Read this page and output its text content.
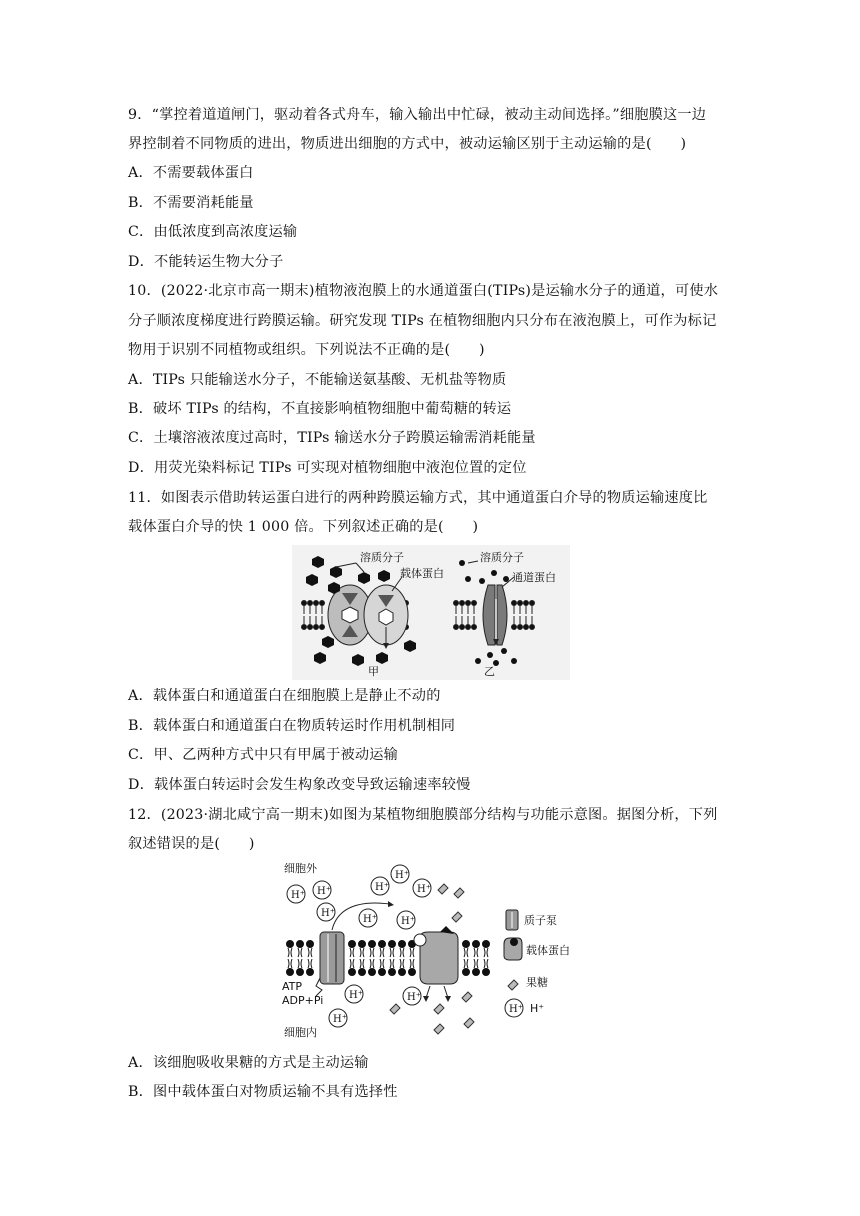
9．“掌控着道道闸门，驱动着各式舟车，输入输出中忙碌，被动主动间选择。”细胞膜这一边
界控制着不同物质的进出，物质进出细胞的方式中，被动运输区别于主动运输的是(　　)
A．不需要载体蛋白
B．不需要消耗能量
C．由低浓度到高浓度运输
D．不能转运生物大分子
10．(2022·北京市高一期末)植物液泡膜上的水通道蛋白(TIPs)是运输水分子的通道，可使水
分子顺浓度梯度进行跨膜运输。研究发现 TIPs 在植物细胞内只分布在液泡膜上，可作为标记
物用于识别不同植物或组织。下列说法不正确的是(　　)
A．TIPs 只能输送水分子，不能输送氨基酸、无机盐等物质
B．破坏 TIPs 的结构，不直接影响植物细胞中葡萄糖的转运
C．土壤溶液浓度过高时，TIPs 输送水分子跨膜运输需消耗能量
D．用荧光染料标记 TIPs 可实现对植物细胞中液泡位置的定位
11．如图表示借助转运蛋白进行的两种跨膜运输方式，其中通道蛋白介导的物质运输速度比
载体蛋白介导的快 1 000 倍。下列叙述正确的是(　　)
溶质分子
载体蛋白
甲
溶质分子
通道蛋白
乙
A．载体蛋白和通道蛋白在细胞膜上是静止不动的
B．载体蛋白和通道蛋白在物质转运时作用机制相同
C．甲、乙两种方式中只有甲属于被动运输
D．载体蛋白转运时会发生构象改变导致运输速率较慢
12．(2023·湖北咸宁高一期末)如图为某植物细胞膜部分结构与功能示意图。据图分析，下列
叙述错误的是(　　)
细胞外
细胞内
ATP
ADP+Pi
H⁺ H⁺	H⁺
H⁺
H⁺
H⁺
H⁺ H⁺
H⁺
H⁺
H⁺
质子泵
载体蛋白
果糖
H⁺ H⁺
A．该细胞吸收果糖的方式是主动运输
B．图中载体蛋白对物质运输不具有选择性
